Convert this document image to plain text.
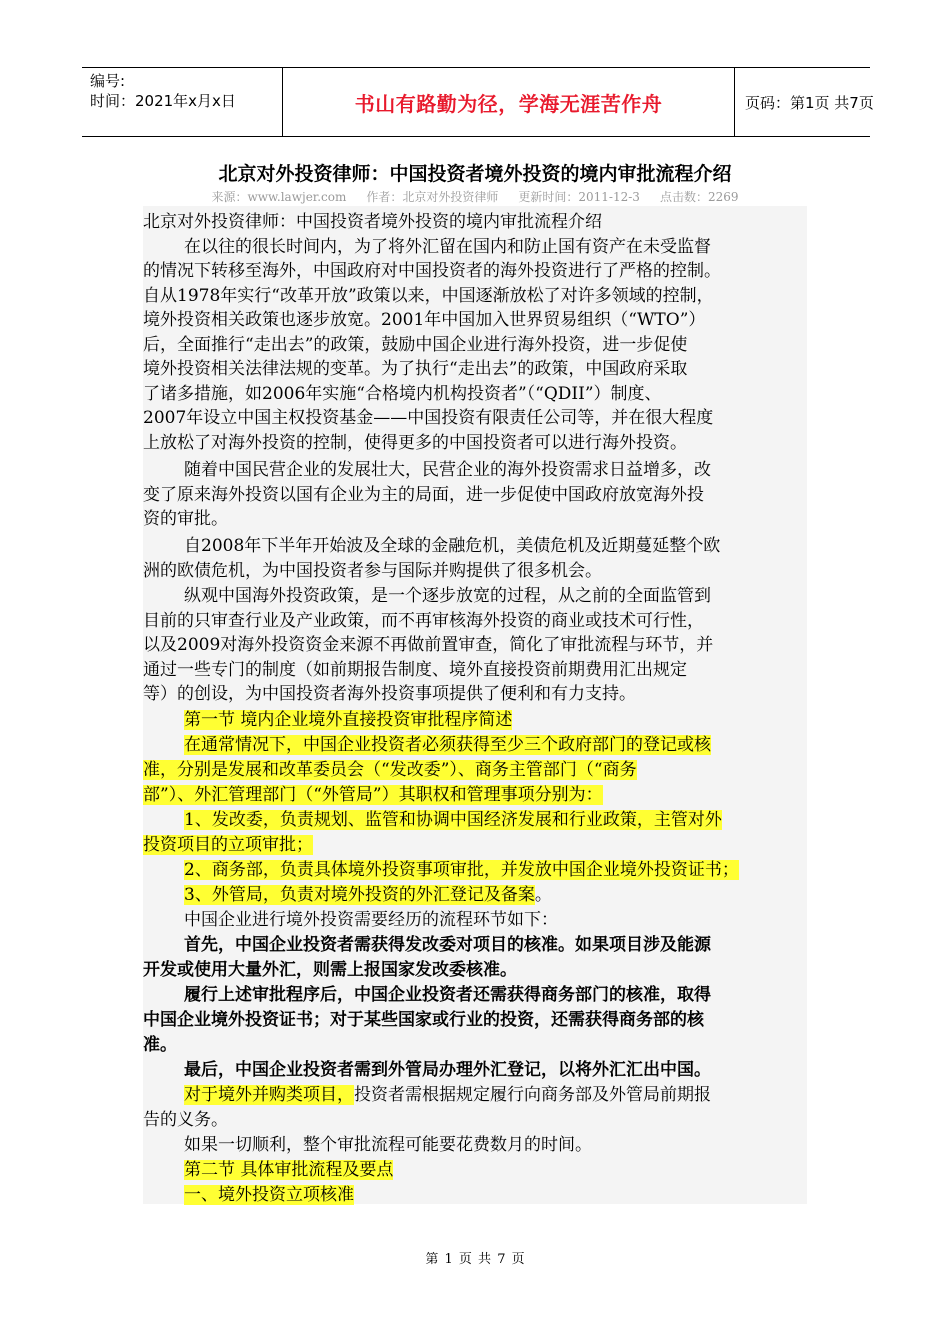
编号:
时间：2021年x月x日	书山有路勤为径，学海无涯苦作舟	页码：第1页 共7页
北京对外投资律师：中国投资者境外投资的境内审批流程介绍
来源：www.lawjer.com 作者：北京对外投资律师 更新时间：2011-12-3 点击数：2269
北京对外投资律师：中国投资者境外投资的境内审批流程介绍
在以往的很长时间内，为了将外汇留在国内和防止国有资产在未受监督
的情况下转移至海外，中国政府对中国投资者的海外投资进行了严格的控制。
自从1978年实行“改革开放”政策以来，中国逐渐放松了对许多领域的控制，
境外投资相关政策也逐步放宽。2001年中国加入世界贸易组织（“WTO”）
后，全面推行“走出去”的政策，鼓励中国企业进行海外投资，进一步促使
境外投资相关法律法规的变革。为了执行“走出去”的政策，中国政府采取
了诸多措施，如2006年实施“合格境内机构投资者”（“QDII”）制度、
2007年设立中国主权投资基金——中国投资有限责任公司等，并在很大程度
上放松了对海外投资的控制，使得更多的中国投资者可以进行海外投资。
随着中国民营企业的发展壮大，民营企业的海外投资需求日益增多，改
变了原来海外投资以国有企业为主的局面，进一步促使中国政府放宽海外投
资的审批。
自2008年下半年开始波及全球的金融危机，美债危机及近期蔓延整个欧
洲的欧债危机，为中国投资者参与国际并购提供了很多机会。
纵观中国海外投资政策，是一个逐步放宽的过程，从之前的全面监管到
目前的只审查行业及产业政策，而不再审核海外投资的商业或技术可行性，
以及2009对海外投资资金来源不再做前置审查，简化了审批流程与环节，并
通过一些专门的制度（如前期报告制度、境外直接投资前期费用汇出规定
等）的创设，为中国投资者海外投资事项提供了便利和有力支持。
第一节 境内企业境外直接投资审批程序简述
在通常情况下，中国企业投资者必须获得至少三个政府部门的登记或核
准，分别是发展和改革委员会（“发改委”）、商务主管部门（“商务
部”）、外汇管理部门（“外管局”）其职权和管理事项分别为：
1、发改委，负责规划、监管和协调中国经济发展和行业政策，主管对外
投资项目的立项审批；
2、商务部，负责具体境外投资事项审批，并发放中国企业境外投资证书；
3、外管局，负责对境外投资的外汇登记及备案。
中国企业进行境外投资需要经历的流程环节如下：
首先，中国企业投资者需获得发改委对项目的核准。如果项目涉及能源
开发或使用大量外汇，则需上报国家发改委核准。
履行上述审批程序后，中国企业投资者还需获得商务部门的核准，取得
中国企业境外投资证书；对于某些国家或行业的投资，还需获得商务部的核
准。
最后，中国企业投资者需到外管局办理外汇登记，以将外汇汇出中国。
对于境外并购类项目，投资者需根据规定履行向商务部及外管局前期报
告的义务。
如果一切顺利，整个审批流程可能要花费数月的时间。
第二节 具体审批流程及要点
一、境外投资立项核准
第 1 页 共 7 页
